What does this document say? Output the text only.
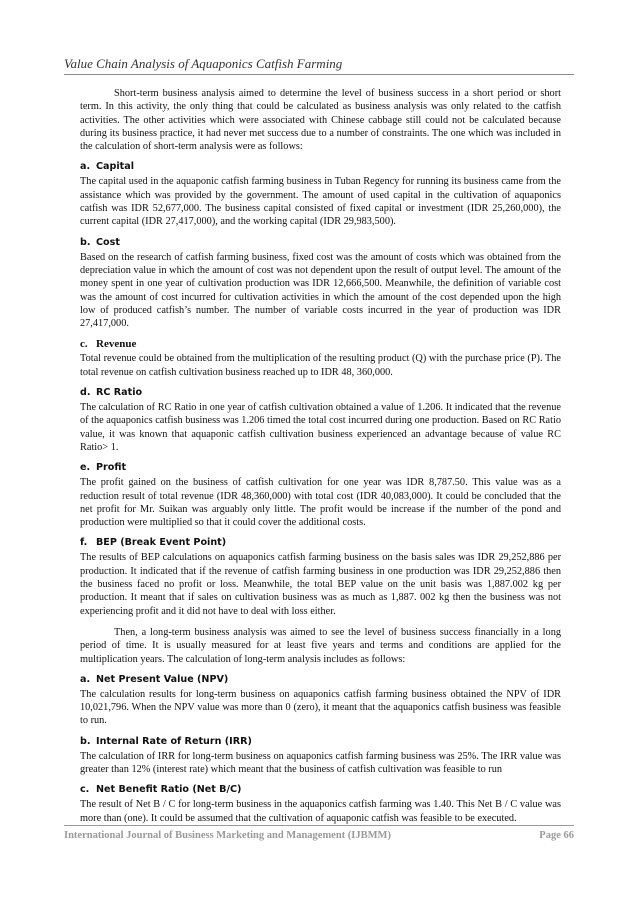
Value Chain Analysis of Aquaponics Catfish Farming

Short-term business analysis aimed to determine the level of business success in a short period or short term. In this activity, the only thing that could be calculated as business analysis was only related to the catfish activities. The other activities which were associated with Chinese cabbage still could not be calculated because during its business practice, it had never met success due to a number of constraints. The one which was included in the calculation of short-term analysis were as follows:

a. Capital

The capital used in the aquaponic catfish farming business in Tuban Regency for running its business came from the assistance which was provided by the government. The amount of used capital in the cultivation of aquaponics catfish was IDR 52,677,000. The business capital consisted of fixed capital or investment (IDR 25,260,000), the current capital (IDR 27,417,000), and the working capital (IDR 29,983,500).

b. Cost

Based on the research of catfish farming business, fixed cost was the amount of costs which was obtained from the depreciation value in which the amount of cost was not dependent upon the result of output level. The amount of the money spent in one year of cultivation production was IDR 12,666,500. Meanwhile, the definition of variable cost was the amount of cost incurred for cultivation activities in which the amount of the cost depended upon the high low of produced catfish’s number. The number of variable costs incurred in the year of production was IDR 27,417,000.

c. Revenue

Total revenue could be obtained from the multiplication of the resulting product (Q) with the purchase price (P). The total revenue on catfish cultivation business reached up to IDR 48, 360,000.

d. RC Ratio

The calculation of RC Ratio in one year of catfish cultivation obtained a value of 1.206. It indicated that the revenue of the aquaponics catfish business was 1.206 timed the total cost incurred during one production. Based on RC Ratio value, it was known that aquaponic catfish cultivation business experienced an advantage because of value RC Ratio> 1.

e. Profit

The profit gained on the business of catfish cultivation for one year was IDR 8,787.50. This value was as a reduction result of total revenue (IDR 48,360,000) with total cost (IDR 40,083,000). It could be concluded that the net profit for Mr. Suikan was arguably only little. The profit would be increase if the number of the pond and production were multiplied so that it could cover the additional costs.

f. BEP (Break Event Point)

The results of BEP calculations on aquaponics catfish farming business on the basis sales was IDR 29,252,886 per production. It indicated that if the revenue of catfish farming business in one production was IDR 29,252,886 then the business faced no profit or loss. Meanwhile, the total BEP value on the unit basis was 1,887.002 kg per production. It meant that if sales on cultivation business was as much as 1,887. 002 kg then the business was not experiencing profit and it did not have to deal with loss either.

Then, a long-term business analysis was aimed to see the level of business success financially in a long period of time. It is usually measured for at least five years and terms and conditions are applied for the multiplication years. The calculation of long-term analysis includes as follows:

a. Net Present Value (NPV)

The calculation results for long-term business on aquaponics catfish farming business obtained the NPV of IDR 10,021,796. When the NPV value was more than 0 (zero), it meant that the aquaponics catfish business was feasible to run.

b. Internal Rate of Return (IRR)

The calculation of IRR for long-term business on aquaponics catfish farming business was 25%. The IRR value was greater than 12% (interest rate) which meant that the business of catfish cultivation was feasible to run

c. Net Benefit Ratio (Net B/C)

The result of Net B / C for long-term business in the aquaponics catfish farming was 1.40. This Net B / C value was more than (one). It could be assumed that the cultivation of aquaponic catfish was feasible to be executed.

International Journal of Business Marketing and Management (IJBMM)	Page 66
